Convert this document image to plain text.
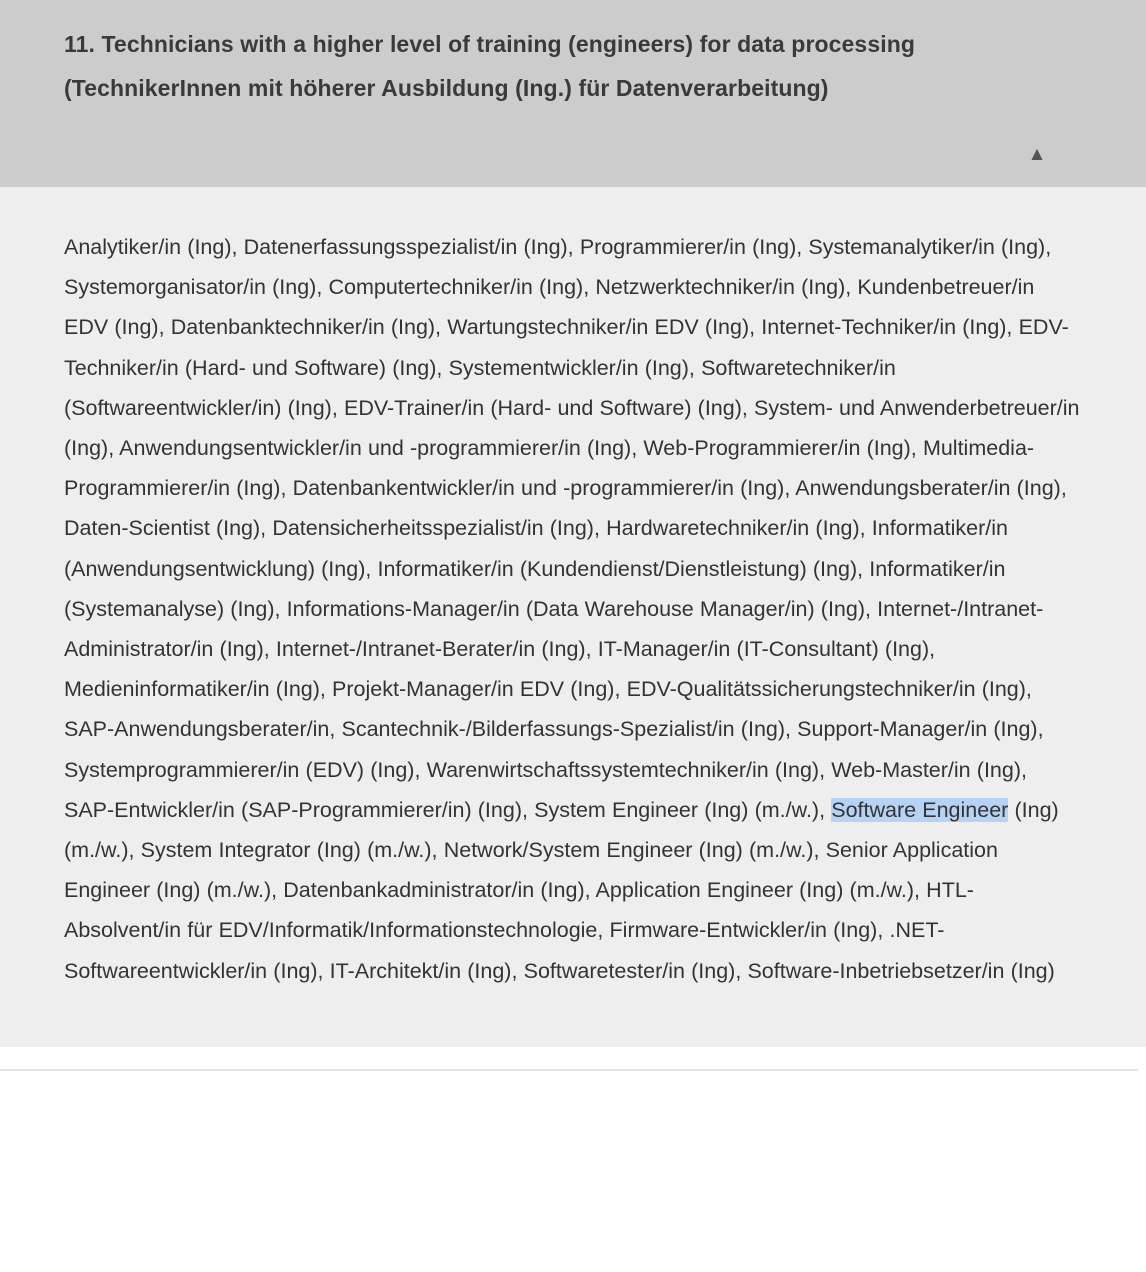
11. Technicians with a higher level of training (engineers) for data processing (TechnikerInnen mit höherer Ausbildung (Ing.) für Datenverarbeitung)
▲

Analytiker/in (Ing), Datenerfassungsspezialist/in (Ing), Programmierer/in (Ing), Systemanalytiker/in (Ing), Systemorganisator/in (Ing), Computertechniker/in (Ing), Netzwerktechniker/in (Ing), Kundenbetreuer/in EDV (Ing), Datenbanktechniker/in (Ing), Wartungstechniker/in EDV (Ing), Internet-Techniker/in (Ing), EDV-Techniker/in (Hard- und Software) (Ing), Systementwickler/in (Ing), Softwaretechniker/in (Softwareentwickler/in) (Ing), EDV-Trainer/in (Hard- und Software) (Ing), System- und Anwenderbetreuer/in (Ing), Anwendungsentwickler/in und -programmierer/in (Ing), Web-Programmierer/in (Ing), Multimedia-Programmierer/in (Ing), Datenbankentwickler/in und -programmierer/in (Ing), Anwendungsberater/in (Ing), Daten-Scientist (Ing), Datensicherheitsspezialist/in (Ing), Hardwaretechniker/in (Ing), Informatiker/in (Anwendungsentwicklung) (Ing), Informatiker/in (Kundendienst/Dienstleistung) (Ing), Informatiker/in (Systemanalyse) (Ing), Informations-Manager/in (Data Warehouse Manager/in) (Ing), Internet-/Intranet-Administrator/in (Ing), Internet-/Intranet-Berater/in (Ing), IT-Manager/in (IT-Consultant) (Ing), Medieninformatiker/in (Ing), Projekt-Manager/in EDV (Ing), EDV-Qualitätssicherungstechniker/in (Ing), SAP-Anwendungsberater/in, Scantechnik-/Bilderfassungs-Spezialist/in (Ing), Support-Manager/in (Ing), Systemprogrammierer/in (EDV) (Ing), Warenwirtschaftssystemtechniker/in (Ing), Web-Master/in (Ing), SAP-Entwickler/in (SAP-Programmierer/in) (Ing), System Engineer (Ing) (m./w.), Software Engineer (Ing) (m./w.), System Integrator (Ing) (m./w.), Network/System Engineer (Ing) (m./w.), Senior Application Engineer (Ing) (m./w.), Datenbankadministrator/in (Ing), Application Engineer (Ing) (m./w.), HTL-Absolvent/in für EDV/Informatik/Informationstechnologie, Firmware-Entwickler/in (Ing), .NET-Softwareentwickler/in (Ing), IT-Architekt/in (Ing), Softwaretester/in (Ing), Software-Inbetriebsetzer/in (Ing)
